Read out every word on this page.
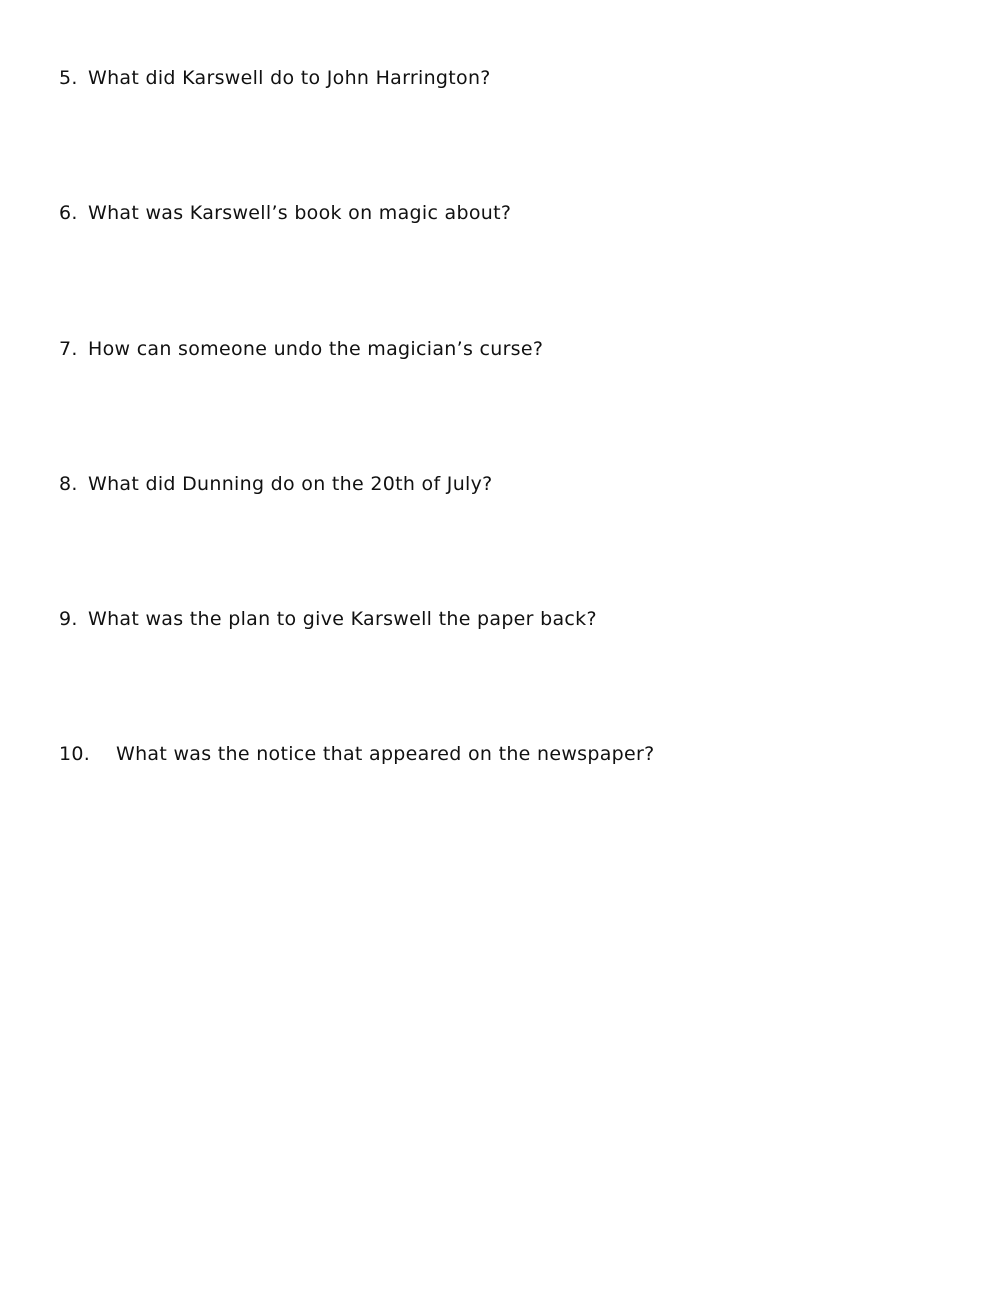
5. What did Karswell do to John Harrington?
6. What was Karswell’s book on magic about?
7. How can someone undo the magician’s curse?
8. What did Dunning do on the 20th of July?
9. What was the plan to give Karswell the paper back?
10.	What was the notice that appeared on the newspaper?
